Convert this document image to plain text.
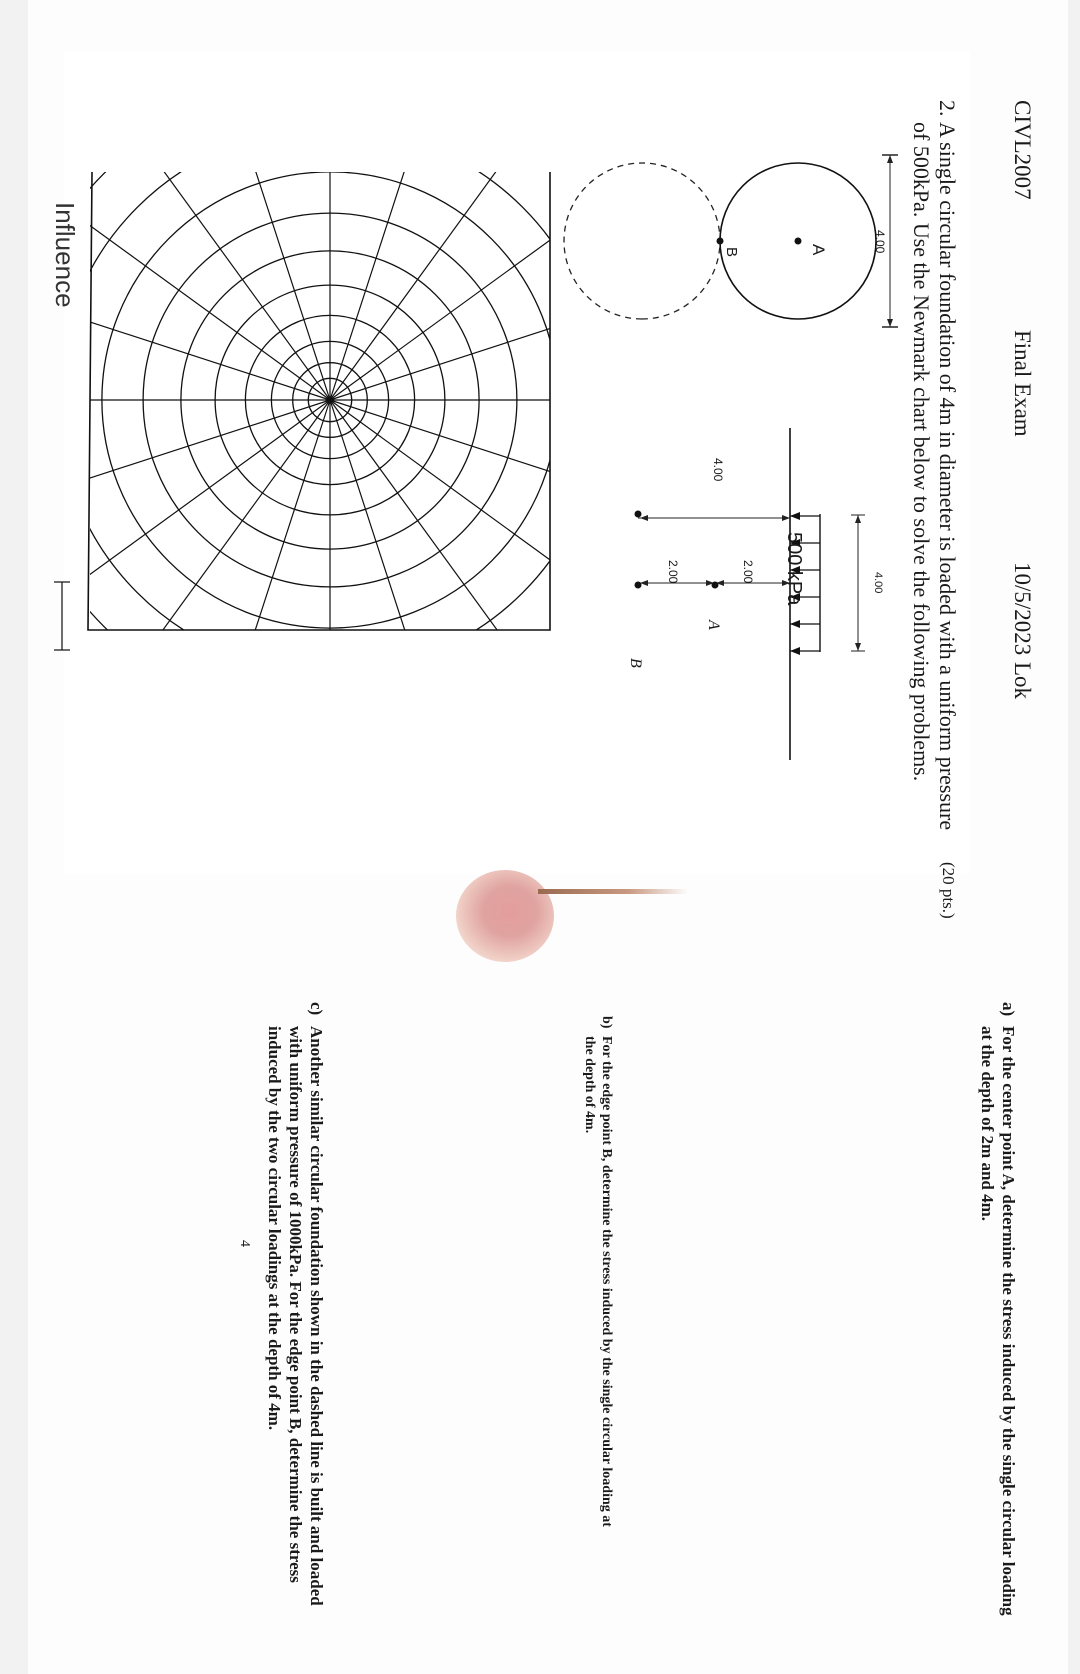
CIVL2007
Final Exam
10/5/2023
Lok
2.
A single circular foundation of 4m in diameter is loaded with a uniform pressure
of 500kPa. Use the Newmark chart below to solve the following problems.
(20 pts.)
4.00
A
B
500 kPa	4.00
4.00
2.00
2.00
A
B
Influence
a)
For the center point A, determine the stress induced by the single circular loading
at the depth of 2m and 4m.
b)
For the edge point B, determine the stress induced by the single circular loading at
the depth of 4m.
c)
Another similar circular foundation shown in the dashed line is built and loaded
with uniform pressure of 1000kPa. For the edge point B, determine the stress
induced by the two circular loadings at the depth of 4m.
4
